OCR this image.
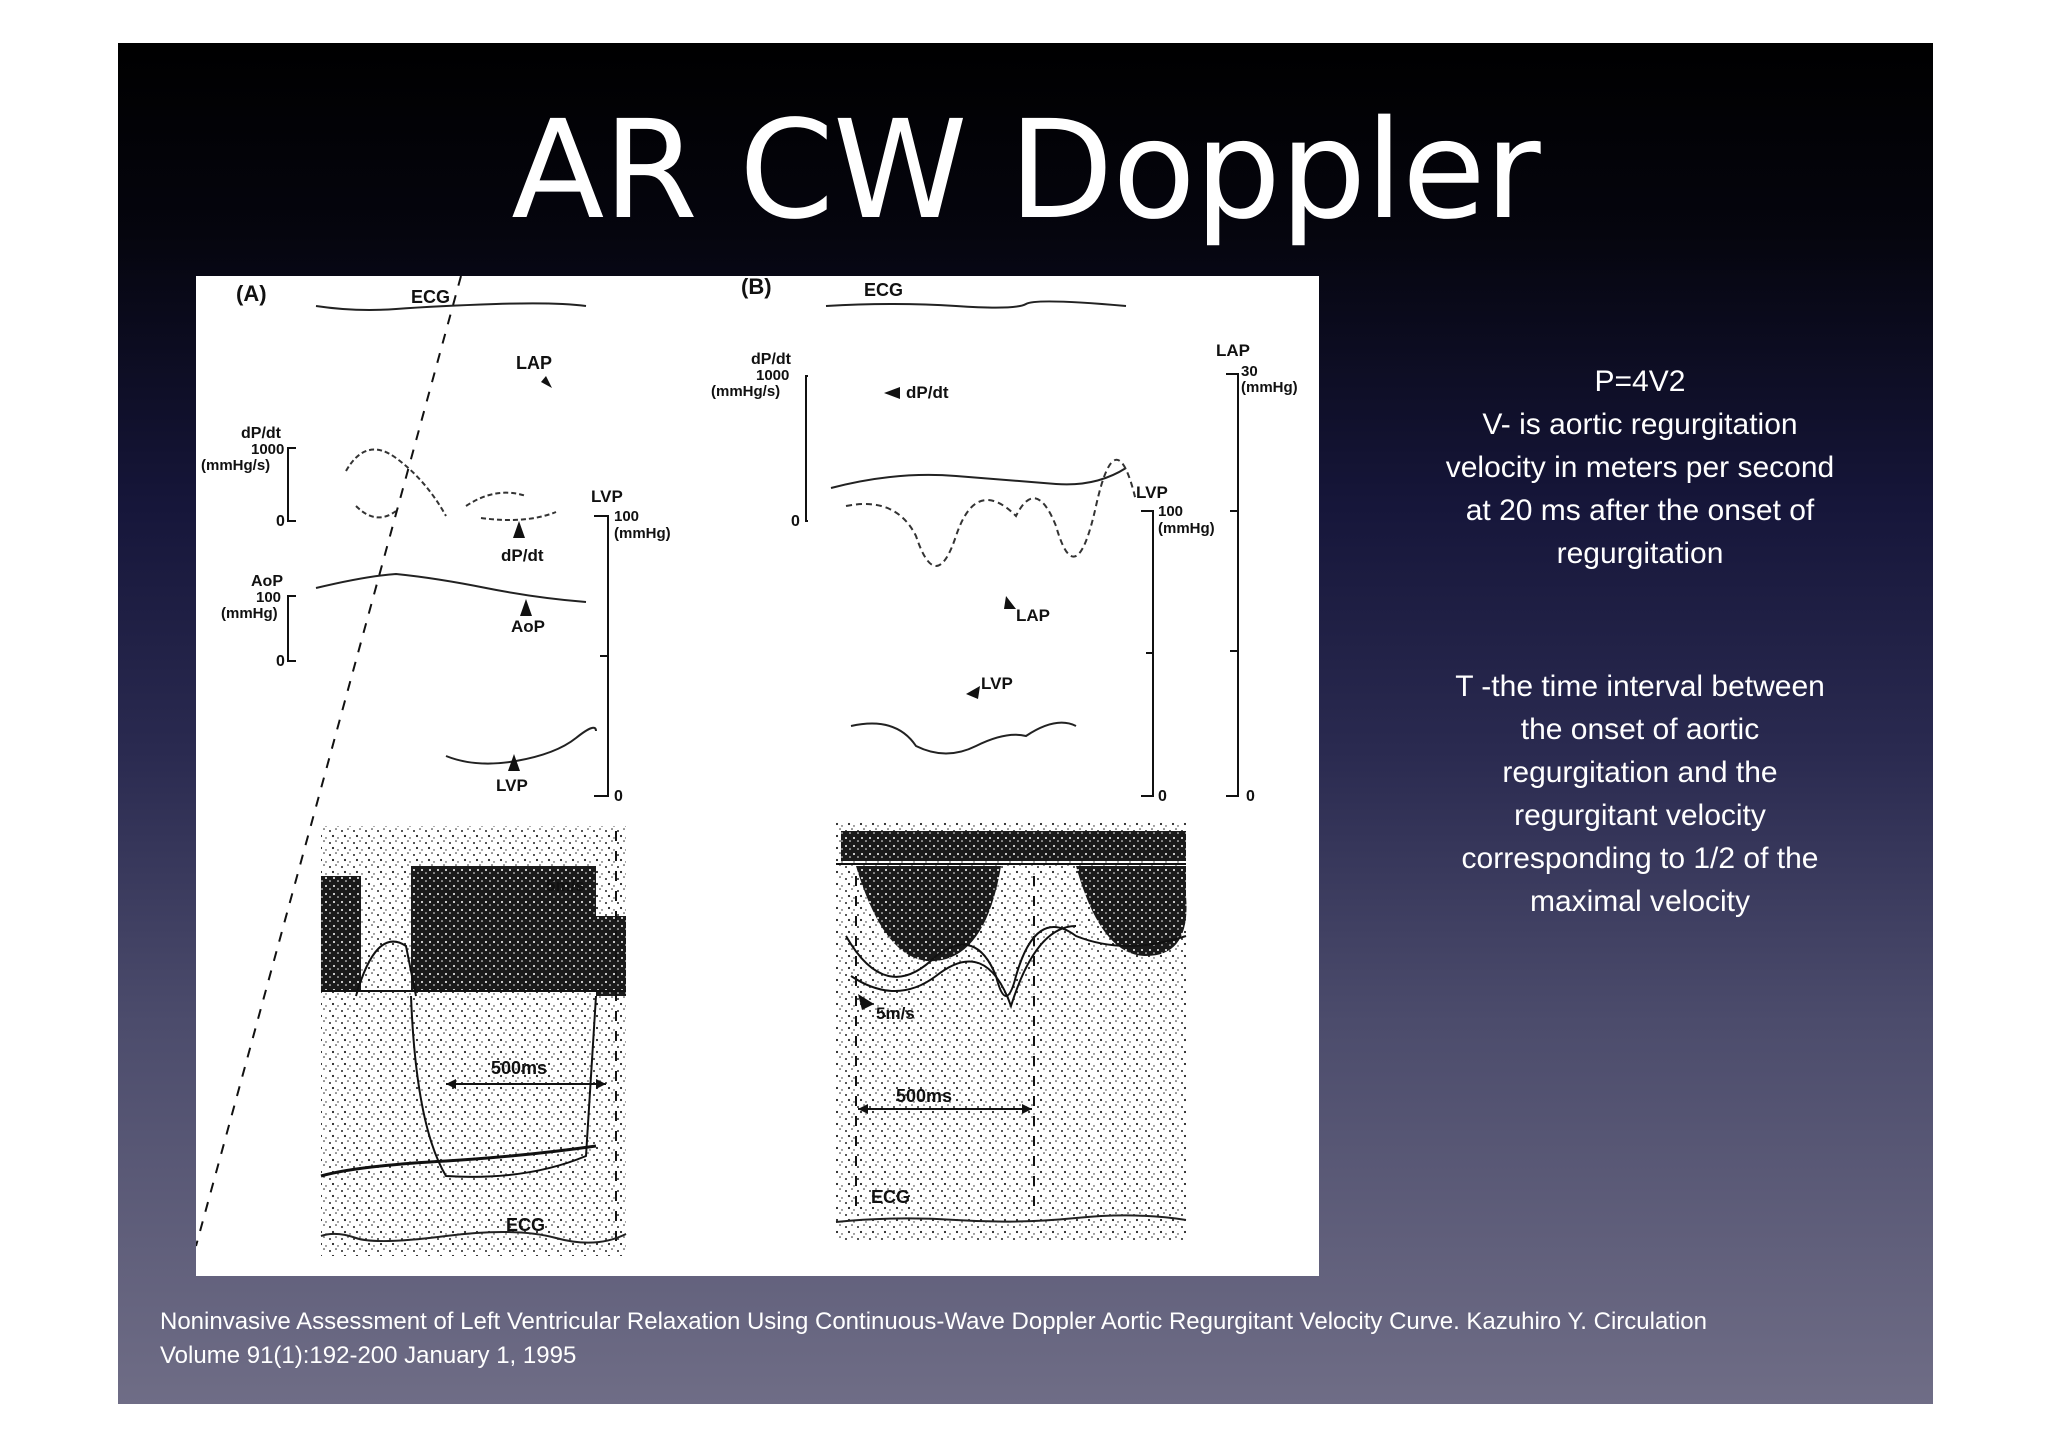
AR CW Doppler
(A)	ECG
LAP
dP/dt
1000
(mmHg/s)
0
dP/dt
AoP
100
(mmHg)
0
AoP
LVP
100
(mmHg)
0
LVP
5m/s
500ms
ECG
(B)	ECG
dP/dt
1000
(mmHg/s)
0
dP/dt
LAP
30
(mmHg)
0
LVP
100
(mmHg)
0
LAP
LVP
5m/s
500ms
ECG

P=4V2

V- is aortic regurgitation

velocity in meters per second

at 20 ms after the onset of

regurgitation

T -the time interval between

the onset of aortic

regurgitation and the

regurgitant velocity

corresponding to 1/2 of the

maximal velocity

Noninvasive Assessment of Left Ventricular Relaxation Using Continuous-Wave Doppler Aortic Regurgitant Velocity Curve. Kazuhiro Y. Circulation
Volume 91(1):192-200 January 1, 1995
